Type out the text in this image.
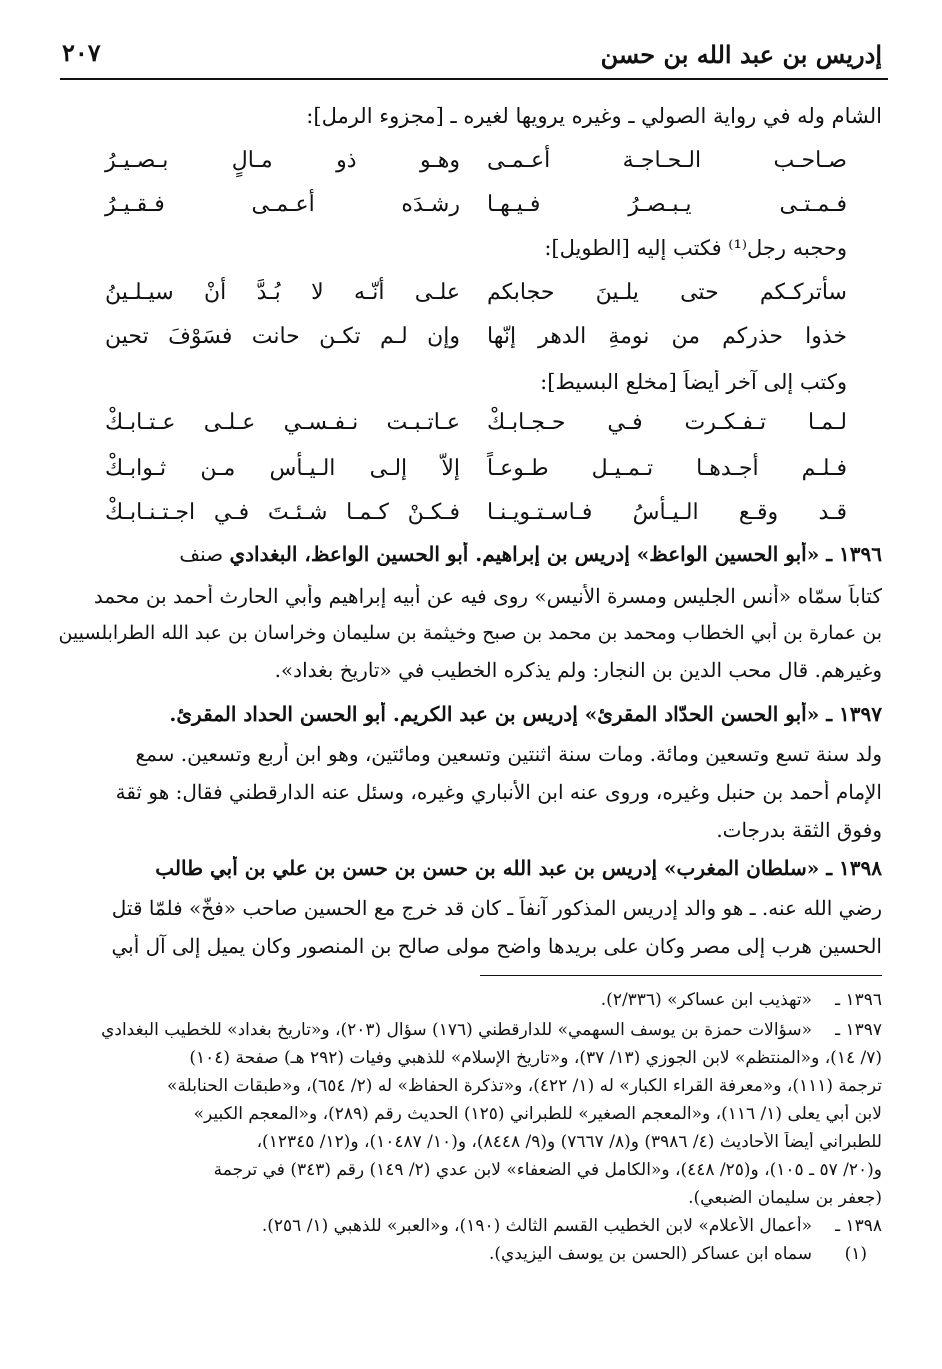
إدريس بن عبد الله بن حسن
٢٠٧
الشام وله في رواية الصولي ـ وغيره يرويها لغيره ـ [مجزوء الرمل]:
صـاحـب الـحـاجـة أعـمـى
وهـو ذو مـالٍ بـصـيـرُ
فـمـتـى يـبـصـرُ فـيـهـا
رشـدَه أعـمـى فـقـيـرُ
وحجبه رجل⁽¹⁾ فكتب إليه [الطويل]:
سأتركـكم حتى يلـينَ حجابكم
علـى أنّـه لا بُـدَّ أنْ سيـلـينُ
خذوا حذركم من نومةِ الدهر إنّها
وإن لـم تكـن حانت فسَوْفَ تحين
وكتب إلى آخر أيضاً [مخلع البسيط]:
لـمـا تـفـكـرت فـي حـجـابـكْ
عـاتـبـت نـفـسـي عـلـى عـتـابـكْ
فـلـم أجـدهـا تـمـيـل طـوعـاً
إلاّ إلـى الـيـأس مـن ثـوابـكْ
قـد وقـع الـيـأسُ فـاسـتـويـنـا
فـكـنْ كـمـا شـئـتَ فـي اجـتـنـابـكْ
١٣٩٦ ـ «أبو الحسين الواعظ» إدريس بن إبراهيم. أبو الحسين الواعظ، البغدادي صنف
كتاباً سمّاه «أنس الجليس ومسرة الأنيس» روى فيه عن أبيه إبراهيم وأبي الحارث أحمد بن محمد
بن عمارة بن أبي الخطاب ومحمد بن محمد بن صبح وخيثمة بن سليمان وخراسان بن عبد الله الطرابلسيين
وغيرهم. قال محب الدين بن النجار: ولم يذكره الخطيب في «تاريخ بغداد».
١٣٩٧ ـ «أبو الحسن الحدّاد المقرئ» إدريس بن عبد الكريم. أبو الحسن الحداد المقرئ.
ولد سنة تسع وتسعين ومائة. ومات سنة اثنتين وتسعين ومائتين، وهو ابن أربع وتسعين. سمع
الإمام أحمد بن حنبل وغيره، وروى عنه ابن الأنباري وغيره، وسئل عنه الدارقطني فقال: هو ثقة
وفوق الثقة بدرجات.
١٣٩٨ ـ «سلطان المغرب» إدريس بن عبد الله بن حسن بن حسن بن علي بن أبي طالب
رضي الله عنه. ـ هو والد إدريس المذكور آنفاً ـ كان قد خرج مع الحسين صاحب «فخّ» فلمّا قتل
الحسين هرب إلى مصر وكان على بريدها واضح مولى صالح بن المنصور وكان يميل إلى آل أبي
١٣٩٦ ـ
«تهذيب ابن عساكر» (٢/٣٣٦).
١٣٩٧ ـ
«سؤالات حمزة بن يوسف السهمي» للدارقطني (١٧٦) سؤال (٢٠٣)، و«تاريخ بغداد» للخطيب البغدادي
(٧/ ١٤)، و«المنتظم» لابن الجوزي (١٣/ ٣٧)، و«تاريخ الإسلام» للذهبي وفيات (٢٩٢ هـ) صفحة (١٠٤)
ترجمة (١١١)، و«معرفة القراء الكبار» له (١/ ٤٢٢)، و«تذكرة الحفاظ» له (٢/ ٦٥٤)، و«طبقات الحنابلة»
لابن أبي يعلى (١/ ١١٦)، و«المعجم الصغير» للطبراني (١٢٥) الحديث رقم (٢٨٩)، و«المعجم الكبير»
للطبراني أيضاً الأحاديث (٤/ ٣٩٨٦) و(٨/ ٧٦٦٧) و(٩/ ٨٤٤٨)، و(١٠/ ١٠٤٨٧)، و(١٢/ ١٢٣٤٥)،
و(٢٠/ ٥٧ ـ ١٠٥)، و(٢٥/ ٤٤٨)، و«الكامل في الضعفاء» لابن عدي (٢/ ١٤٩) رقم (٣٤٣) في ترجمة
(جعفر بن سليمان الضبعي).
١٣٩٨ ـ
«أعمال الأعلام» لابن الخطيب القسم الثالث (١٩٠)، و«العبر» للذهبي (١/ ٢٥٦).
(١)
سماه ابن عساكر (الحسن بن يوسف اليزيدي).
